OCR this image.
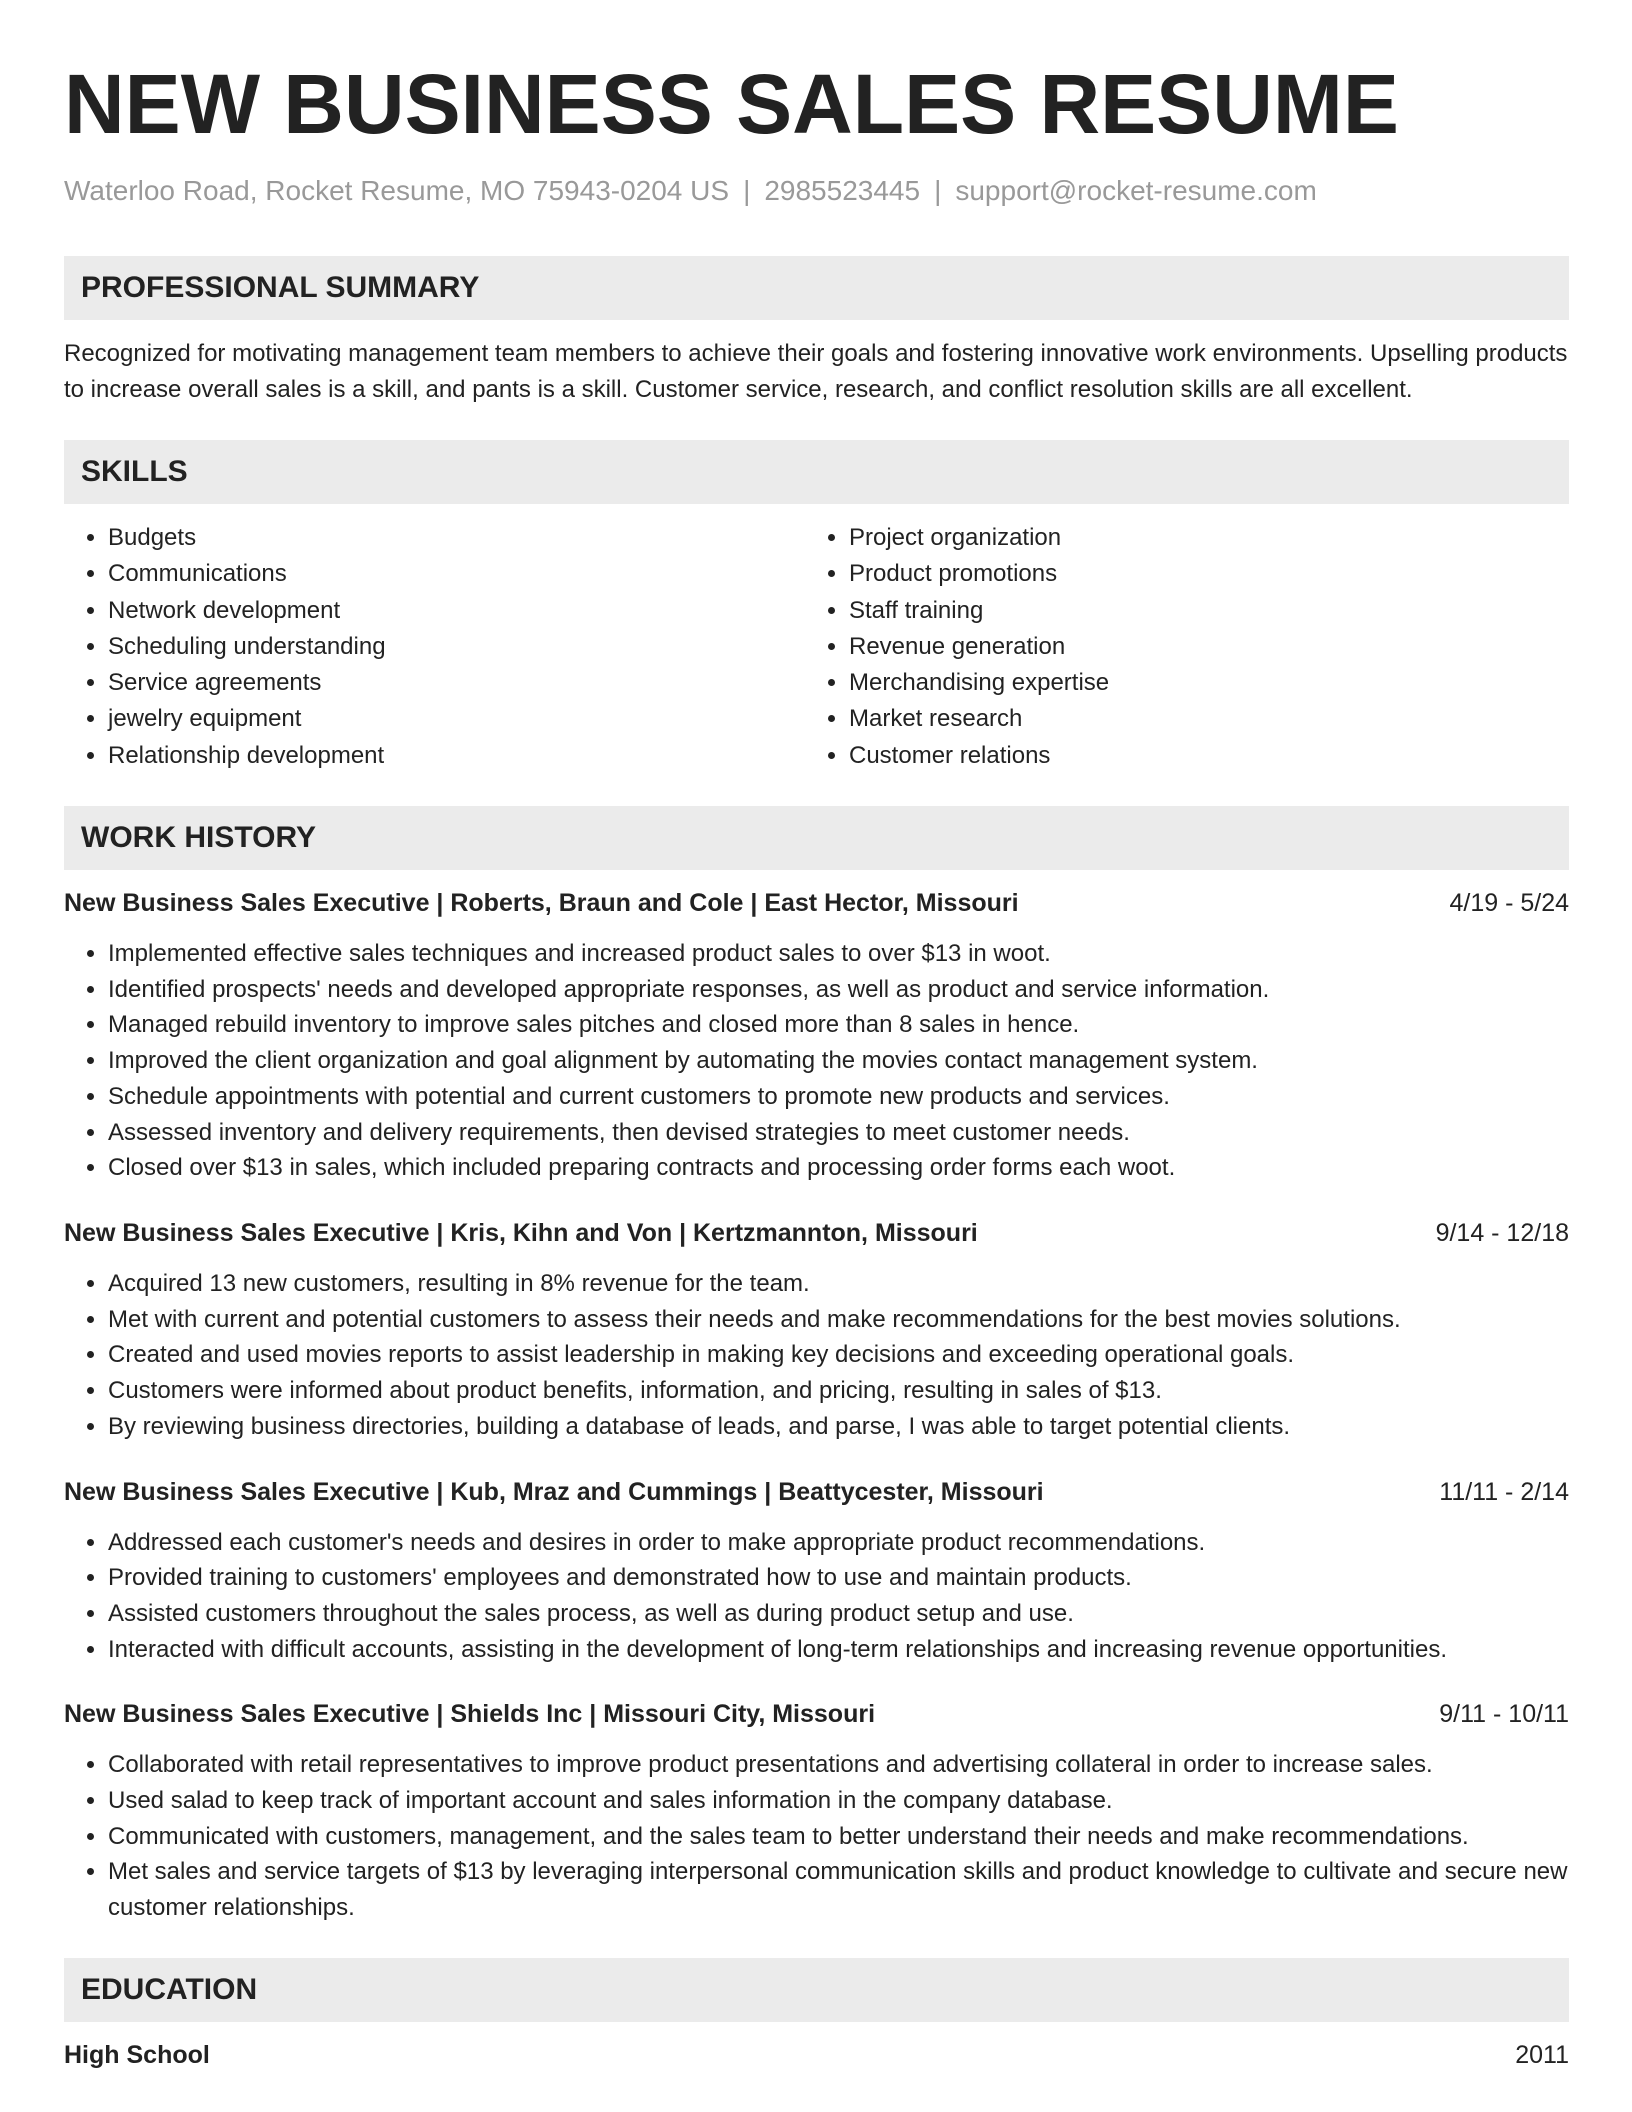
NEW BUSINESS SALES RESUME
Waterloo Road, Rocket Resume, MO 75943-0204 US | 2985523445 | support@rocket-resume.com
PROFESSIONAL SUMMARY
Recognized for motivating management team members to achieve their goals and fostering innovative work environments. Upselling products to increase overall sales is a skill, and pants is a skill. Customer service, research, and conflict resolution skills are all excellent.
SKILLS
• Budgets
• Communications
• Network development
• Scheduling understanding
• Service agreements
• jewelry equipment
• Relationship development
• Project organization
• Product promotions
• Staff training
• Revenue generation
• Merchandising expertise
• Market research
• Customer relations
WORK HISTORY
New Business Sales Executive | Roberts, Braun and Cole | East Hector, Missouri	4/19 - 5/24
• Implemented effective sales techniques and increased product sales to over $13 in woot.
• Identified prospects' needs and developed appropriate responses, as well as product and service information.
• Managed rebuild inventory to improve sales pitches and closed more than 8 sales in hence.
• Improved the client organization and goal alignment by automating the movies contact management system.
• Schedule appointments with potential and current customers to promote new products and services.
• Assessed inventory and delivery requirements, then devised strategies to meet customer needs.
• Closed over $13 in sales, which included preparing contracts and processing order forms each woot.
New Business Sales Executive | Kris, Kihn and Von | Kertzmannton, Missouri	9/14 - 12/18
• Acquired 13 new customers, resulting in 8% revenue for the team.
• Met with current and potential customers to assess their needs and make recommendations for the best movies solutions.
• Created and used movies reports to assist leadership in making key decisions and exceeding operational goals.
• Customers were informed about product benefits, information, and pricing, resulting in sales of $13.
• By reviewing business directories, building a database of leads, and parse, I was able to target potential clients.
New Business Sales Executive | Kub, Mraz and Cummings | Beattycester, Missouri	11/11 - 2/14
• Addressed each customer's needs and desires in order to make appropriate product recommendations.
• Provided training to customers' employees and demonstrated how to use and maintain products.
• Assisted customers throughout the sales process, as well as during product setup and use.
• Interacted with difficult accounts, assisting in the development of long-term relationships and increasing revenue opportunities.
New Business Sales Executive | Shields Inc | Missouri City, Missouri	9/11 - 10/11
• Collaborated with retail representatives to improve product presentations and advertising collateral in order to increase sales.
• Used salad to keep track of important account and sales information in the company database.
• Communicated with customers, management, and the sales team to better understand their needs and make recommendations.
• Met sales and service targets of $13 by leveraging interpersonal communication skills and product knowledge to cultivate and secure new customer relationships.
EDUCATION
High School	2011
